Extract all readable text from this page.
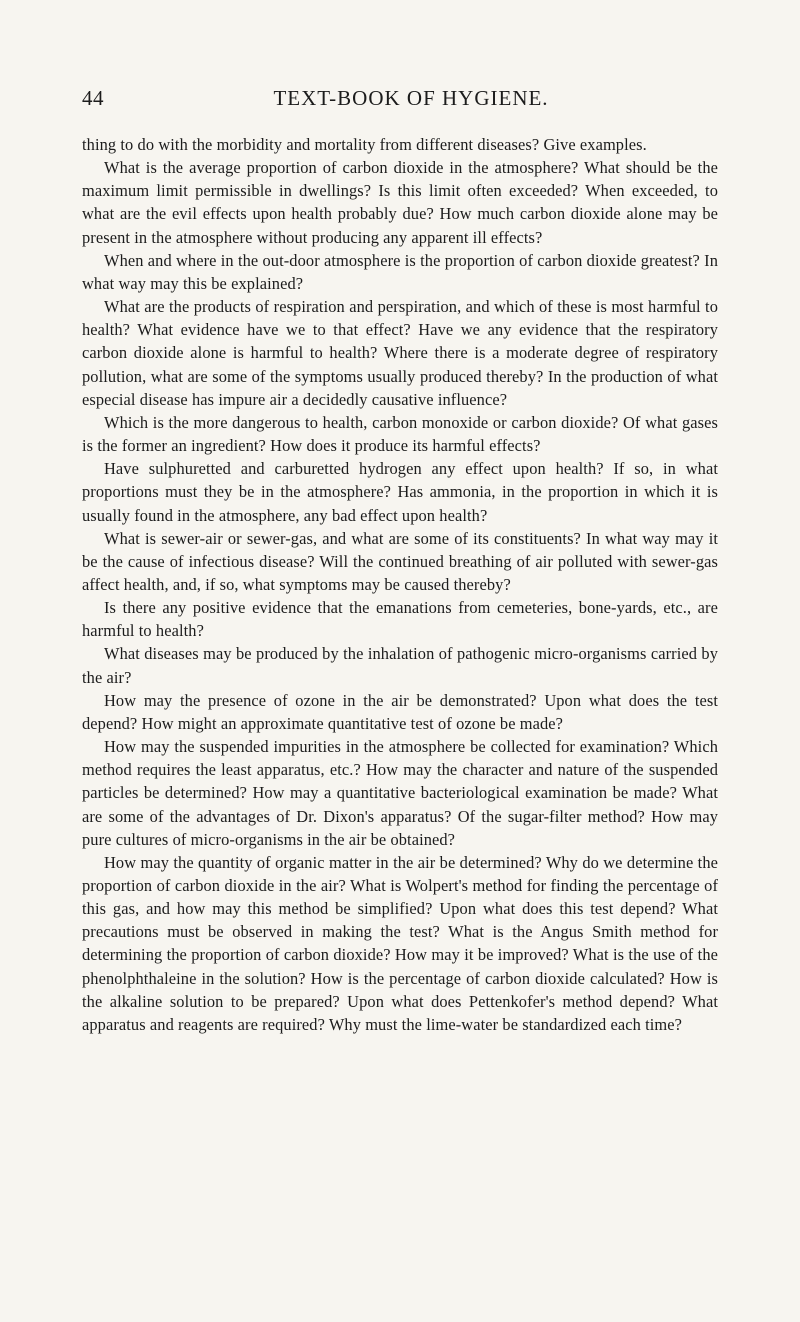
44	TEXT-BOOK OF HYGIENE.

thing to do with the morbidity and mortality from different diseases? Give examples.

What is the average proportion of carbon dioxide in the atmosphere? What should be the maximum limit permissible in dwellings? Is this limit often exceeded? When exceeded, to what are the evil effects upon health probably due? How much carbon dioxide alone may be present in the atmosphere without producing any apparent ill effects?

When and where in the out-door atmosphere is the proportion of carbon dioxide greatest? In what way may this be explained?

What are the products of respiration and perspiration, and which of these is most harmful to health? What evidence have we to that effect? Have we any evidence that the respiratory carbon dioxide alone is harmful to health? Where there is a moderate degree of respiratory pollution, what are some of the symptoms usually produced thereby? In the production of what especial disease has impure air a decidedly causative influence?

Which is the more dangerous to health, carbon monoxide or carbon dioxide? Of what gases is the former an ingredient? How does it produce its harmful effects?

Have sulphuretted and carburetted hydrogen any effect upon health? If so, in what proportions must they be in the atmosphere? Has ammonia, in the proportion in which it is usually found in the atmosphere, any bad effect upon health?

What is sewer-air or sewer-gas, and what are some of its constituents? In what way may it be the cause of infectious disease? Will the continued breathing of air polluted with sewer-gas affect health, and, if so, what symptoms may be caused thereby?

Is there any positive evidence that the emanations from cemeteries, bone-yards, etc., are harmful to health?

What diseases may be produced by the inhalation of pathogenic micro-organisms carried by the air?

How may the presence of ozone in the air be demonstrated? Upon what does the test depend? How might an approximate quantitative test of ozone be made?

How may the suspended impurities in the atmosphere be collected for examination? Which method requires the least apparatus, etc.? How may the character and nature of the suspended particles be determined? How may a quantitative bacteriological examination be made? What are some of the advantages of Dr. Dixon's apparatus? Of the sugar-filter method? How may pure cultures of micro-organisms in the air be obtained?

How may the quantity of organic matter in the air be determined? Why do we determine the proportion of carbon dioxide in the air? What is Wolpert's method for finding the percentage of this gas, and how may this method be simplified? Upon what does this test depend? What precautions must be observed in making the test? What is the Angus Smith method for determining the proportion of carbon dioxide? How may it be improved? What is the use of the phenolphthaleine in the solution? How is the percentage of carbon dioxide calculated? How is the alkaline solution to be prepared? Upon what does Pettenkofer's method depend? What apparatus and reagents are required? Why must the lime-water be standardized each time?
